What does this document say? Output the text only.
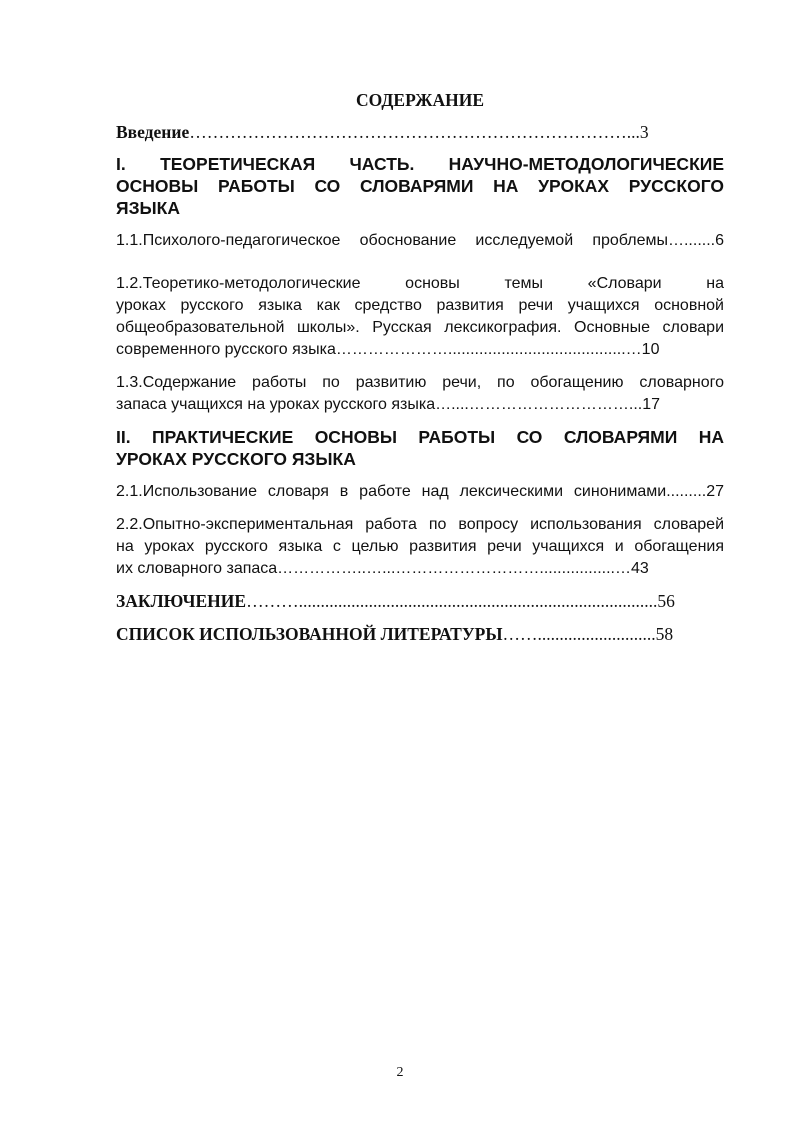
СОДЕРЖАНИЕ
Введение…………………………………………………………………...3
I. ТЕОРЕТИЧЕСКАЯ ЧАСТЬ. НАУЧНО-МЕТОДОЛОГИЧЕСКИЕ
ОСНОВЫ РАБОТЫ СО СЛОВАРЯМИ НА УРОКАХ РУССКОГО
ЯЗЫКА
1.1.Психолого-педагогическое обоснование исследуемой проблемы….......6
1.2.Теоретико-методологические основы темы «Словари на
уроках русского языка как средство развития речи учащихся основной
общеобразовательной школы». Русская лексикография. Основные словари
современного русского языка…………………........................................…10
1.3.Содержание работы по развитию речи, по обогащению словарного
запаса учащихся на уроках русского языка…....…………………………...17
II. ПРАКТИЧЕСКИЕ ОСНОВЫ РАБОТЫ СО СЛОВАРЯМИ НА
УРОКАХ РУССКОГО ЯЗЫКА
2.1.Использование словаря в работе над лексическими синонимами.........27
2.2.Опытно-экспериментальная работа по вопросу использования словарей
на уроках русского языка с целью развития речи учащихся и обогащения
их словарного запаса……………..…...……………………….................…43
ЗАКЛЮЧЕНИЕ………..................................................................................56
СПИСОК ИСПОЛЬЗОВАННОЙ ЛИТЕРАТУРЫ……...........................58
2
